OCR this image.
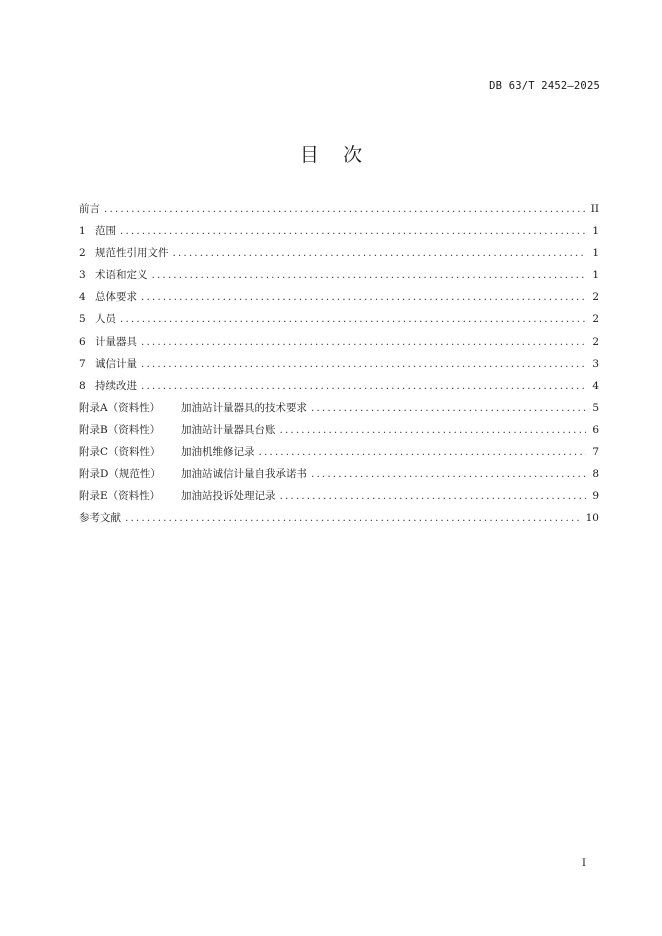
DB 63/T 2452—2025
目    次
前言 .....	II
1 范围 .....	1
2 规范性引用文件 .....	1
3 术语和定义 .....	1
4 总体要求 .....	2
5 人员 .....	2
6 计量器具 .....	2
7 诚信计量 .....	3
8 持续改进 .....	4
附录A（资料性）	加油站计量器具的技术要求 .....	5
附录B（资料性）	加油站计量器具台账 .....	6
附录C（资料性）	加油机维修记录 .....	7
附录D（规范性）	加油站诚信计量自我承诺书 .....	8
附录E（资料性）	加油站投诉处理记录 .....	9
参考文献 .....	10
I
